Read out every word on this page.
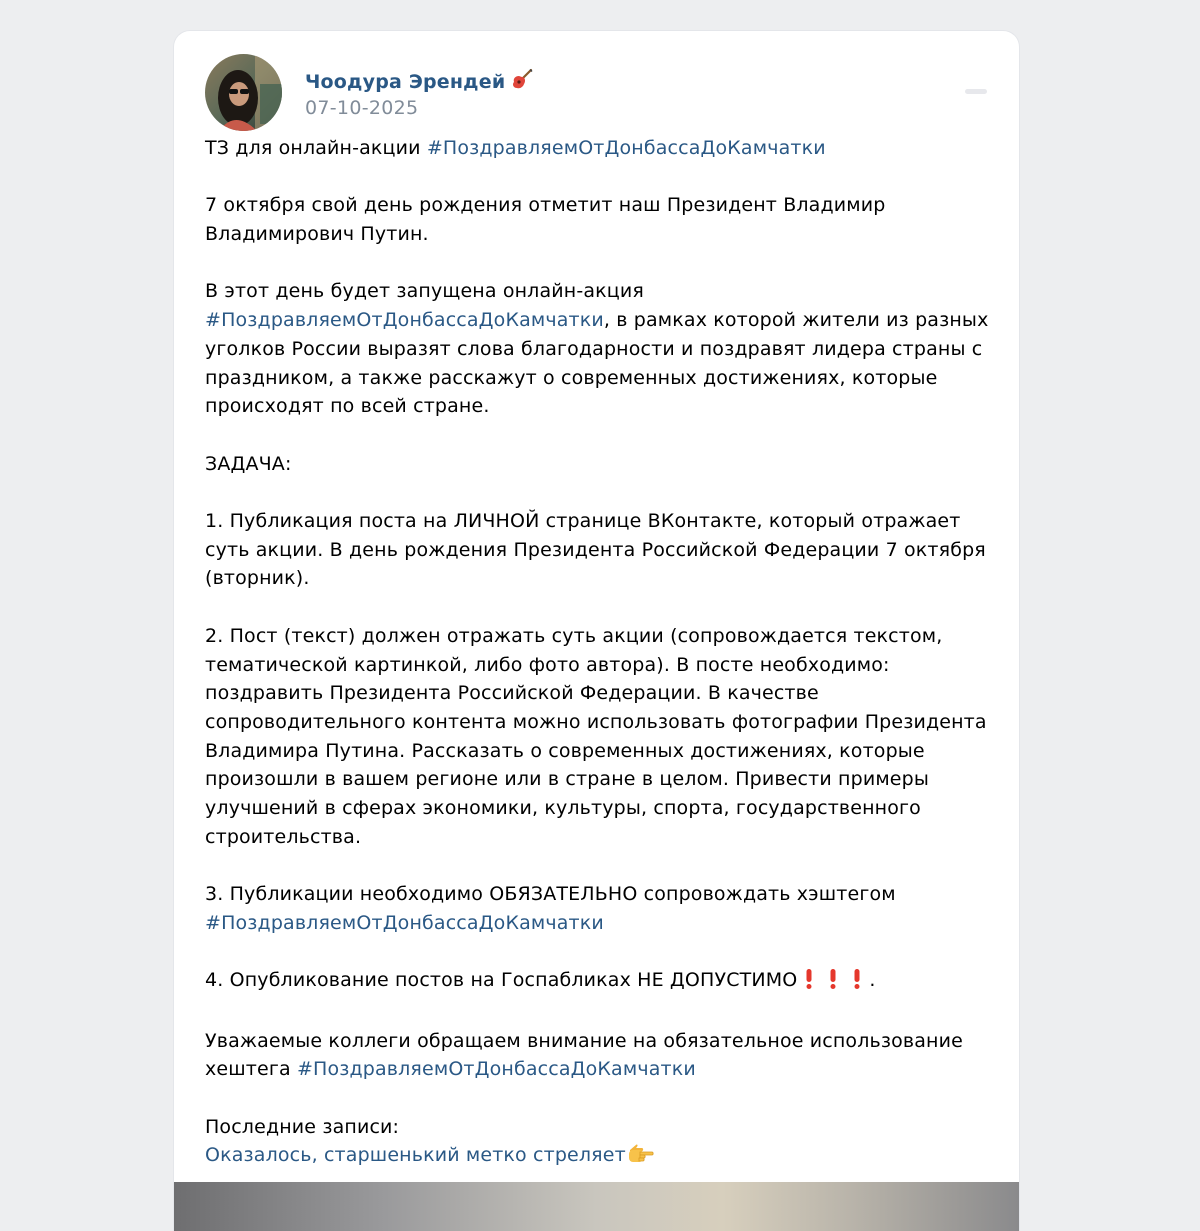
Чоодура Эрендей
07-10-2025

ТЗ для онлайн-акции #ПоздравляемОтДонбассаДоКамчатки

7 октября свой день рождения отметит наш Президент Владимир Владимирович Путин.

В этот день будет запущена онлайн-акция #ПоздравляемОтДонбассаДоКамчатки, в рамках которой жители из разных уголков России выразят слова благодарности и поздравят лидера страны с праздником, а также расскажут о современных достижениях, которые происходят по всей стране.

ЗАДАЧА:

1. Публикация поста на ЛИЧНОЙ странице ВКонтакте, который отражает суть акции. В день рождения Президента Российской Федерации 7 октября (вторник).

2. Пост (текст) должен отражать суть акции (сопровождается текстом, тематической картинкой, либо фото автора). В посте необходимо: поздравить Президента Российской Федерации. В качестве сопроводительного контента можно использовать фотографии Президента Владимира Путина. Рассказать о современных достижениях, которые произошли в вашем регионе или в стране в целом. Привести примеры улучшений в сферах экономики, культуры, спорта, государственного строительства.

3. Публикации необходимо ОБЯЗАТЕЛЬНО сопровождать хэштегом
#ПоздравляемОтДонбассаДоКамчатки

4. Опубликование постов на Госпабликах НЕ ДОПУСТИМО	.

Уважаемые коллеги обращаем внимание на обязательное использование хештега #ПоздравляемОтДонбассаДоКамчатки

Последние записи:
Оказалось, старшенький метко стреляет
